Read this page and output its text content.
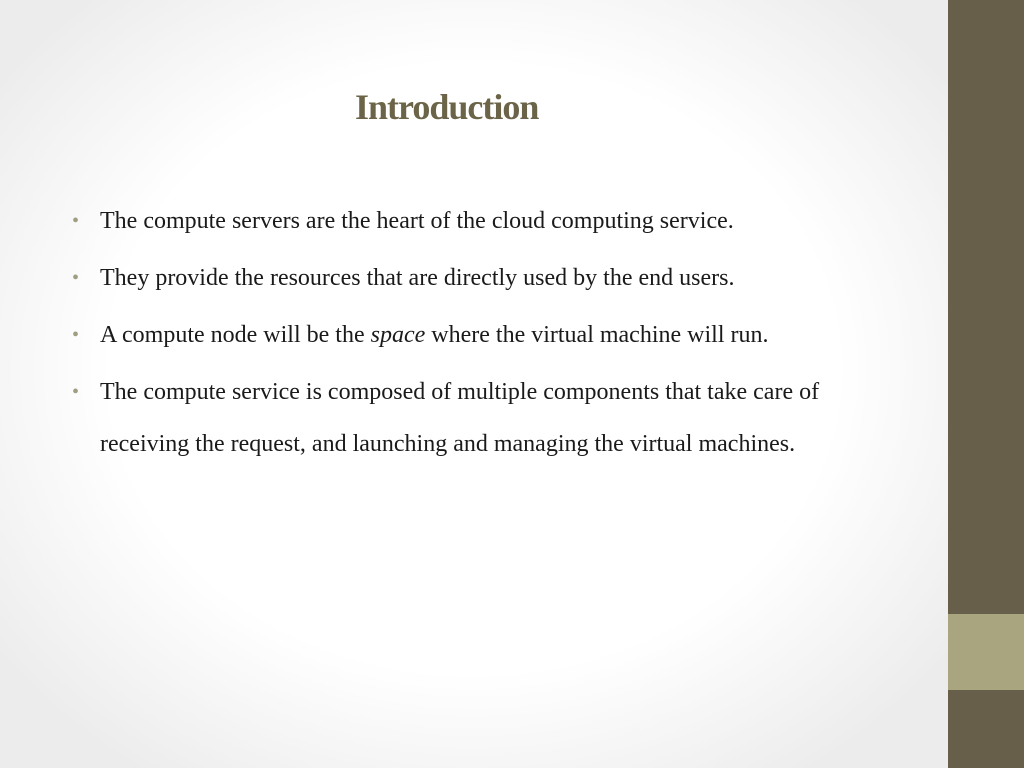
Introduction
• The compute servers are the heart of the cloud computing service.
• They provide the resources that are directly used by the end users.
• A compute node will be the space where the virtual machine will run.
• The compute service is composed of multiple components that take care of receiving the request, and launching and managing the virtual machines.
